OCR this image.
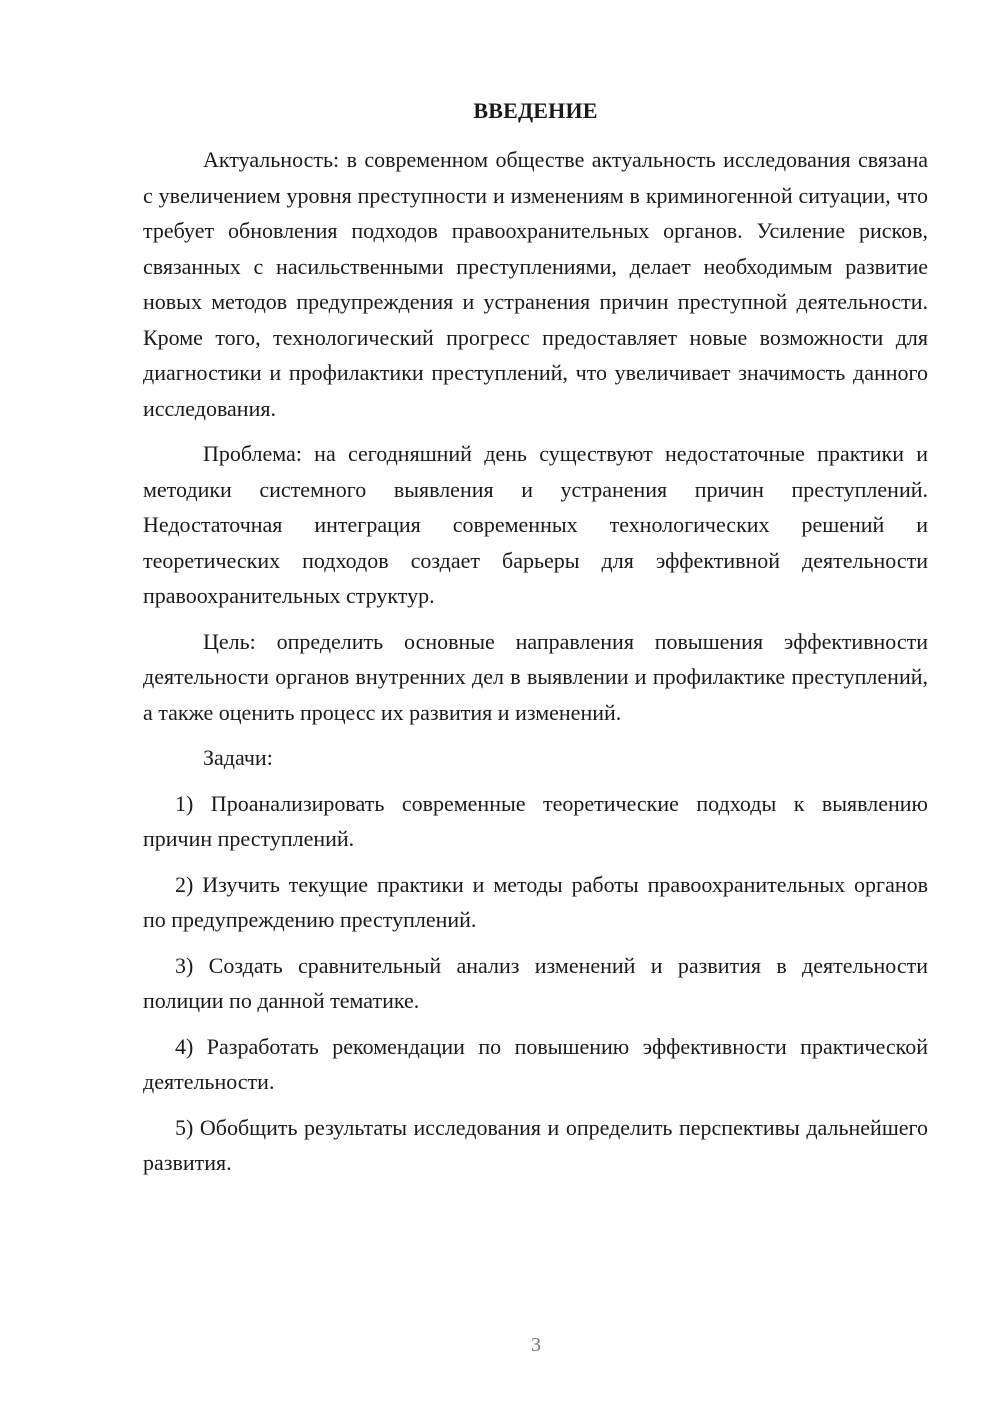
ВВЕДЕНИЕ

Актуальность: в современном обществе актуальность исследования связана с увеличением уровня преступности и изменениям в криминогенной ситуации, что требует обновления подходов правоохранительных органов. Усиление рисков, связанных с насильственными преступлениями, делает необходимым развитие новых методов предупреждения и устранения причин преступной деятельности. Кроме того, технологический прогресс предоставляет новые возможности для диагностики и профилактики преступлений, что увеличивает значимость данного исследования.

Проблема: на сегодняшний день существуют недостаточные практики и методики системного выявления и устранения причин преступлений. Недостаточная интеграция современных технологических решений и теоретических подходов создает барьеры для эффективной деятельности правоохранительных структур.

Цель: определить основные направления повышения эффективности деятельности органов внутренних дел в выявлении и профилактике преступлений, а также оценить процесс их развития и изменений.

Задачи:

1) Проанализировать современные теоретические подходы к выявлению причин преступлений.
2) Изучить текущие практики и методы работы правоохранительных органов по предупреждению преступлений.
3) Создать сравнительный анализ изменений и развития в деятельности полиции по данной тематике.
4) Разработать рекомендации по повышению эффективности практической деятельности.
5) Обобщить результаты исследования и определить перспективы дальнейшего развития.
3
